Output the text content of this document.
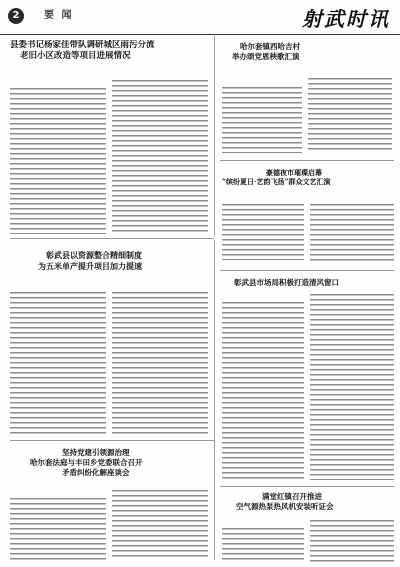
2	要 闻	射武时讯
县委书记杨家佳带队调研城区雨污分流
老旧小区改造等项目进展情况
哈尔套镇西哈吉村
举办颂党恩秧歌汇演
豪德夜市璀璨启幕
“缤纷夏日·艺韵飞扬”群众文艺汇演
彰武县以资源整合精细制度
为五米单产提升项目加力提速
彰武县市场局积极打造清风窗口
坚持党建引领源治理
哈尔套法庭与丰田乡党委联合召开
矛盾纠纷化解座谈会
满堂红镇召开推进
空气源热泵热风机安装听证会
